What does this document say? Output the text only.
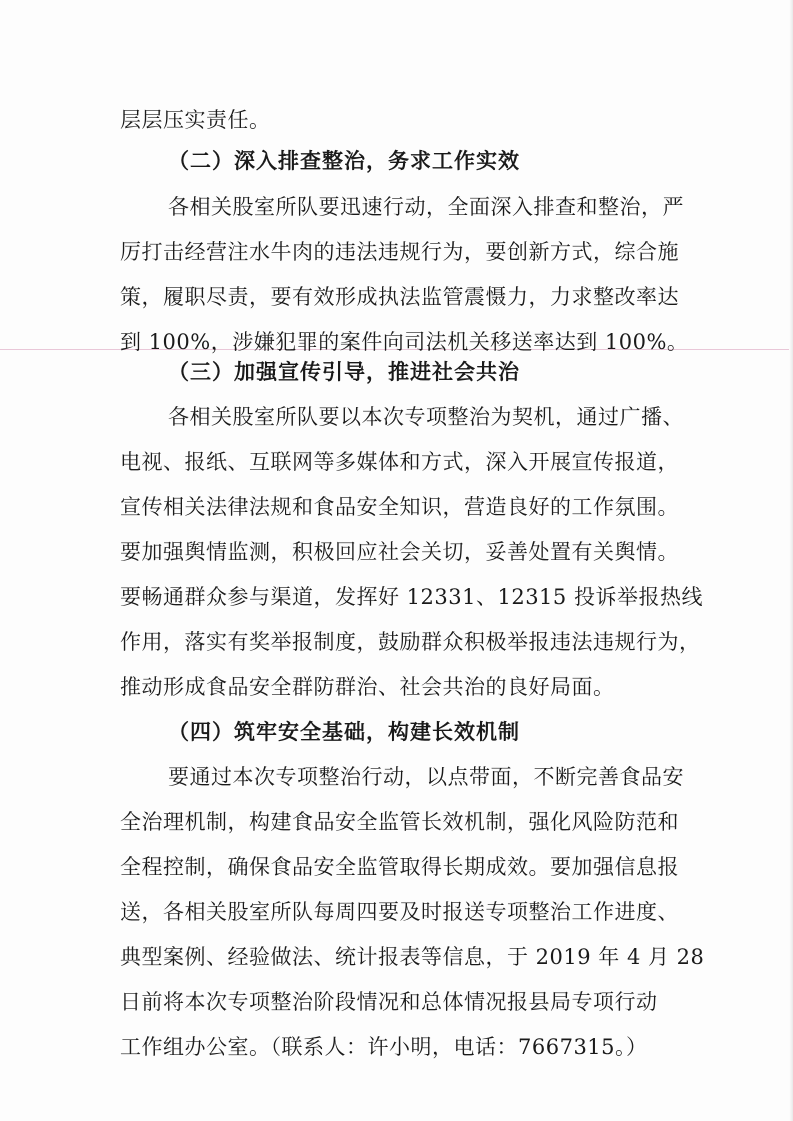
层层压实责任。
（二）深入排查整治，务求工作实效
各相关股室所队要迅速行动，全面深入排查和整治，严
厉打击经营注水牛肉的违法违规行为，要创新方式，综合施
策，履职尽责，要有效形成执法监管震慑力，力求整改率达
到 100%，涉嫌犯罪的案件向司法机关移送率达到 100%。
（三）加强宣传引导，推进社会共治
各相关股室所队要以本次专项整治为契机，通过广播、
电视、报纸、互联网等多媒体和方式，深入开展宣传报道，
宣传相关法律法规和食品安全知识，营造良好的工作氛围。
要加强舆情监测，积极回应社会关切，妥善处置有关舆情。
要畅通群众参与渠道，发挥好 12331、12315 投诉举报热线
作用，落实有奖举报制度，鼓励群众积极举报违法违规行为，
推动形成食品安全群防群治、社会共治的良好局面。
（四）筑牢安全基础，构建长效机制
要通过本次专项整治行动，以点带面，不断完善食品安
全治理机制，构建食品安全监管长效机制，强化风险防范和
全程控制，确保食品安全监管取得长期成效。要加强信息报
送，各相关股室所队每周四要及时报送专项整治工作进度、
典型案例、经验做法、统计报表等信息，于 2019 年 4 月 28
日前将本次专项整治阶段情况和总体情况报县局专项行动
工作组办公室。（联系人：许小明，电话：7667315。）
